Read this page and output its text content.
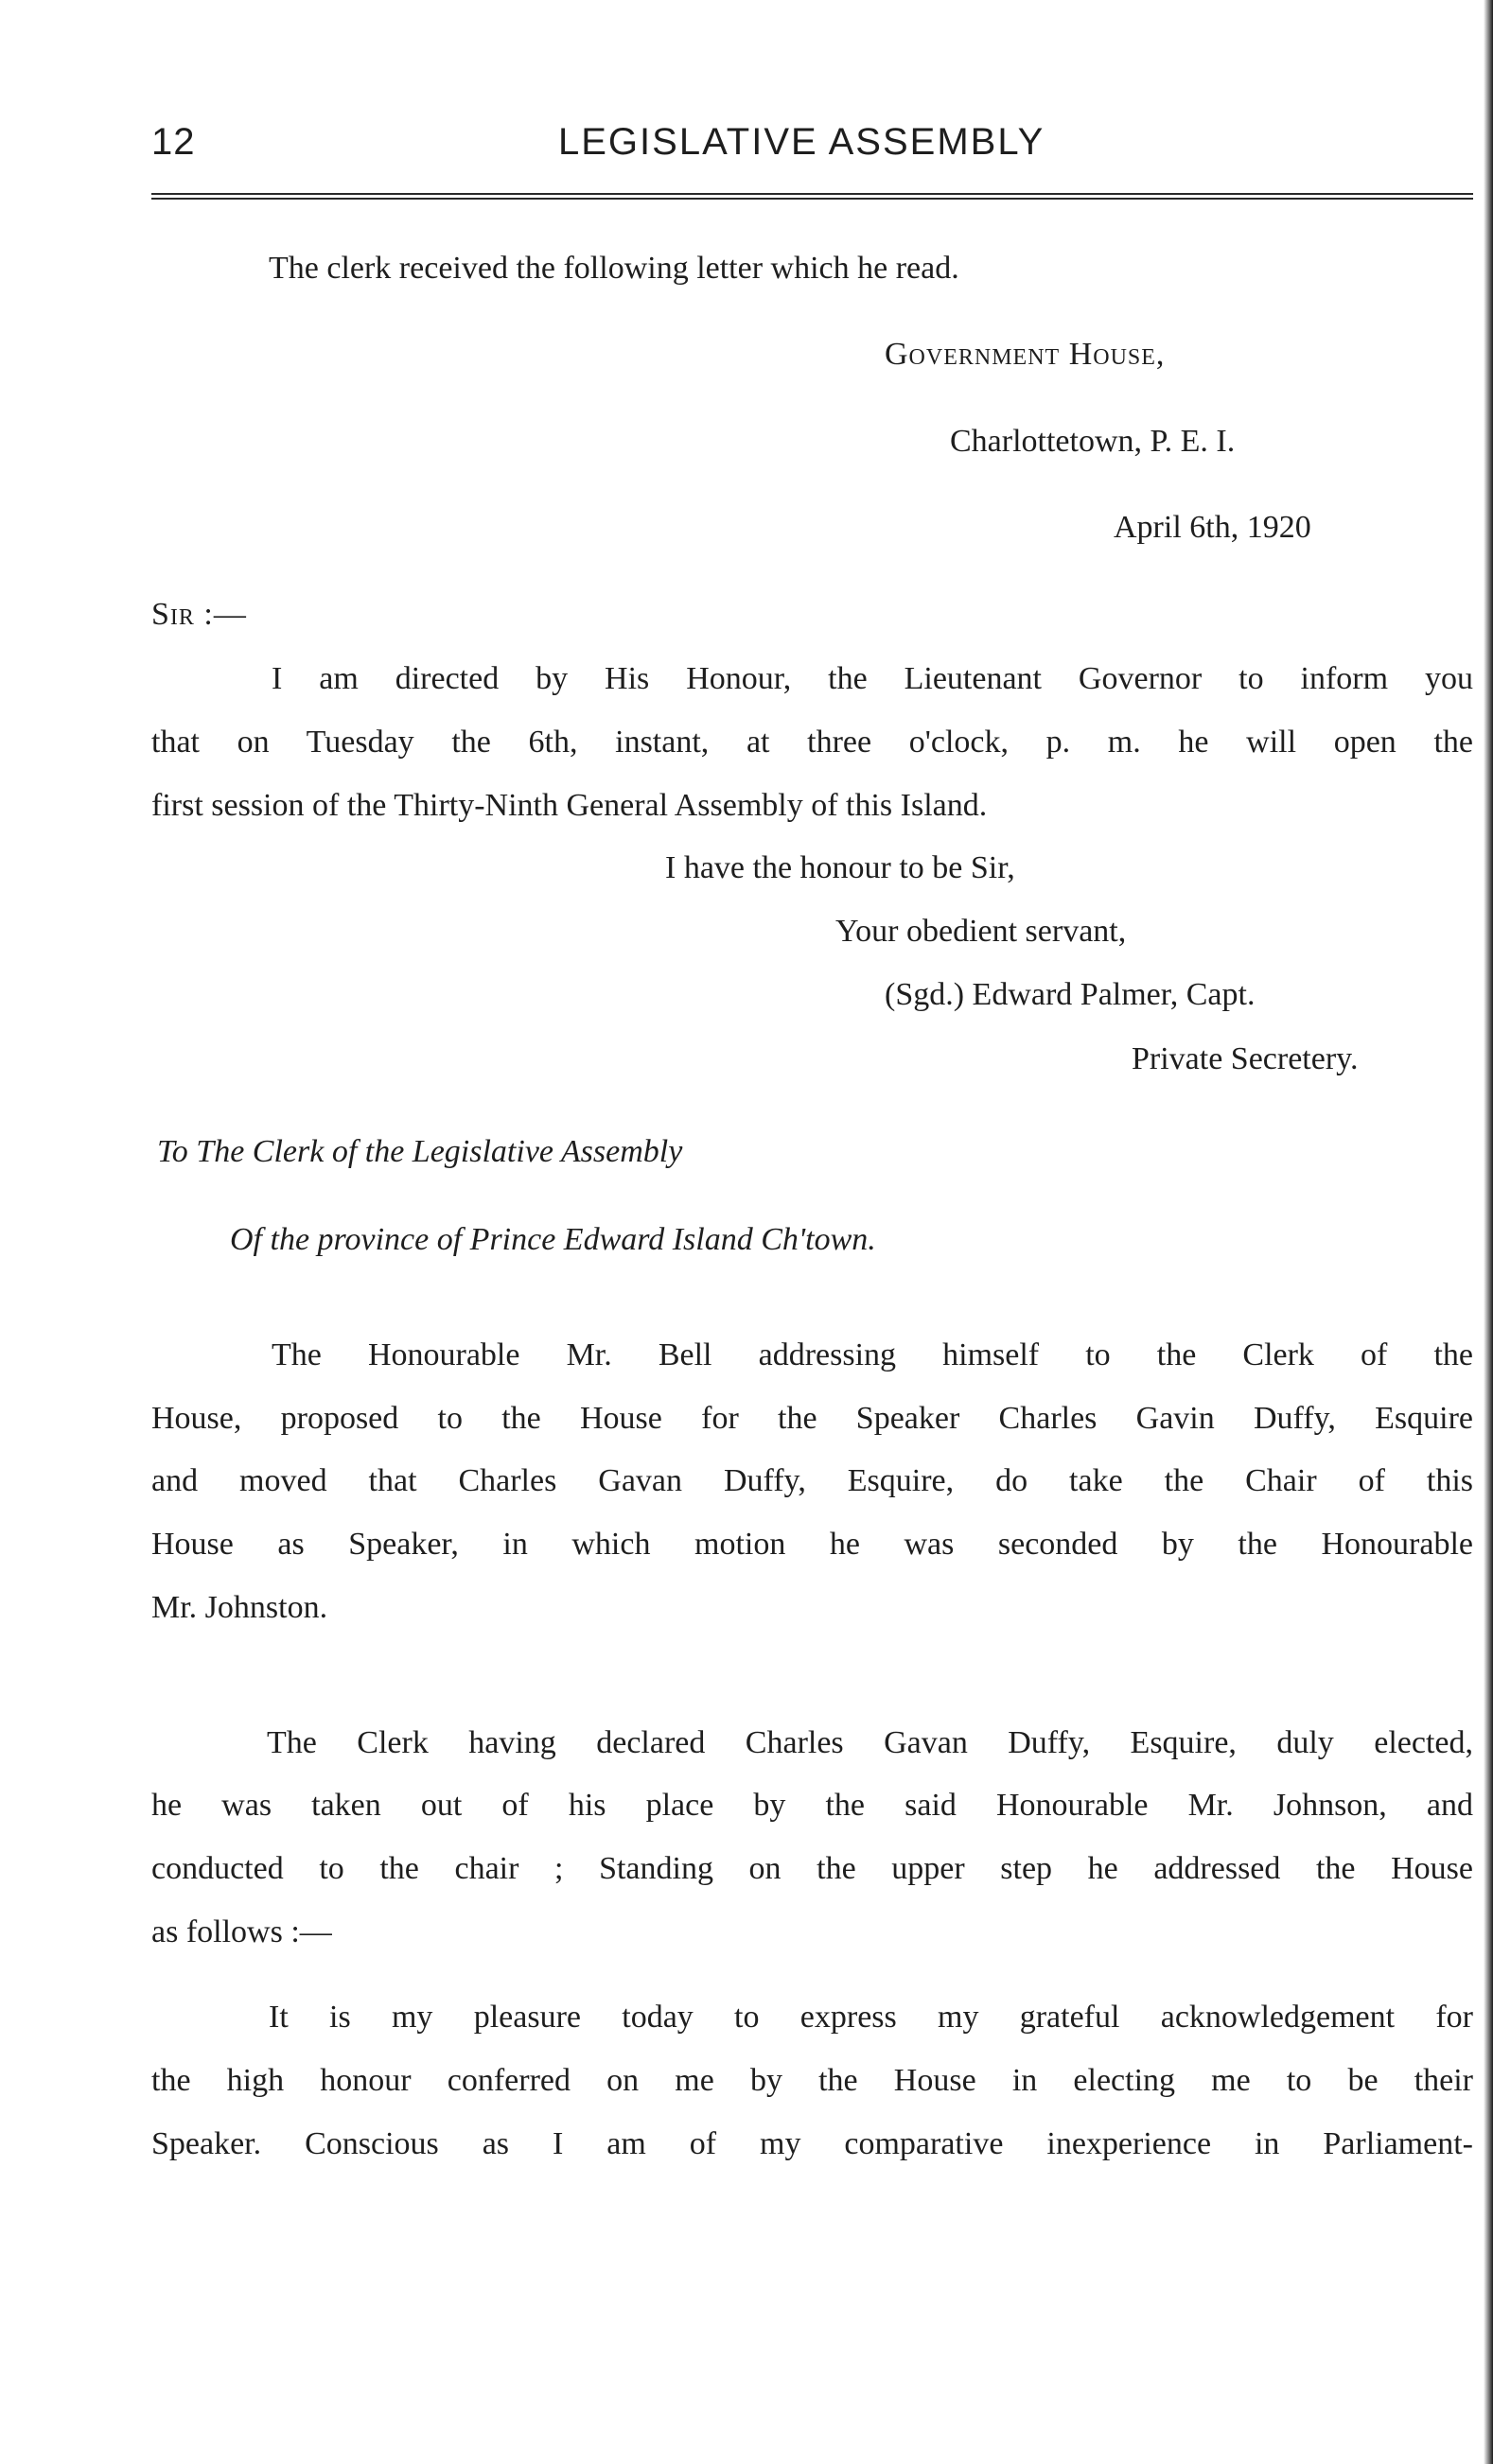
12	LEGISLATIVE ASSEMBLY
The clerk received the following letter which he read.
Government House,
Charlottetown, P. E. I.
April 6th, 1920
Sir :—
I am directed by His Honour, the Lieutenant Governor to inform you
that on Tuesday the 6th, instant, at three o'clock, p. m. he will open the
first session of the Thirty-Ninth General Assembly of this Island.
I have the honour to be Sir,
Your obedient servant,
(Sgd.) Edward Palmer, Capt.
Private Secretery.
To The Clerk of the Legislative Assembly
Of the province of Prince Edward Island Ch'town.
The Honourable Mr. Bell addressing himself to the Clerk of the
House, proposed to the House for the Speaker Charles Gavin Duffy, Esquire
and moved that Charles Gavan Duffy, Esquire, do take the Chair of this
House as Speaker, in which motion he was seconded by the Honourable
Mr. Johnston.
The Clerk having declared Charles Gavan Duffy, Esquire, duly elected,
he was taken out of his place by the said Honourable Mr. Johnson, and
conducted to the chair ; Standing on the upper step he addressed the House
as follows :—
It is my pleasure today to express my grateful acknowledgement for
the high honour conferred on me by the House in electing me to be their
Speaker. Conscious as I am of my comparative inexperience in Parliament-
